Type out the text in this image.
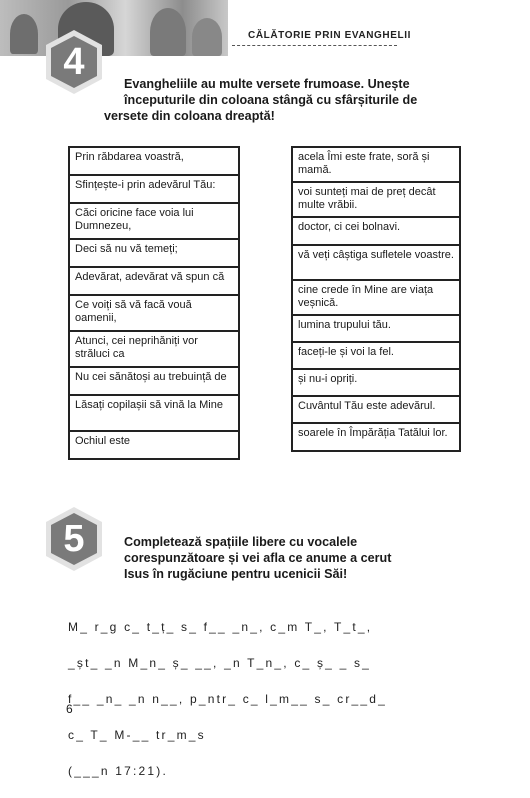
CĂLĂTORIE PRIN EVANGHELII
4
Evangheliile au multe versete frumoase. Unește
începuturile din coloana stângă cu sfârșiturile de
versete din coloana dreaptă!
Prin răbdarea voastră,
Sfințește-i prin adevărul Tău:
Căci oricine face voia lui Dumnezeu,
Deci să nu vă temeți;
Adevărat, adevărat vă spun că
Ce voiți să vă facă vouă oamenii,
Atunci, cei neprihăniți vor străluci ca
Nu cei sănătoși au trebuință de
Lăsați copilașii să vină la Mine
Ochiul este
acela Îmi este frate, soră și mamă.
voi sunteți mai de preț decât multe vrăbii.
doctor, ci cei bolnavi.
vă veți câștiga sufletele voastre.
cine crede în Mine are viața veșnică.
lumina trupului tău.
faceți-le și voi la fel.
și nu-i opriți.
Cuvântul Tău este adevărul.
soarele în Împărăția Tatălui lor.
5	Completează spațiile libere cu vocalele
corespunzătoare și vei afla ce anume a cerut
Isus în rugăciune pentru ucenicii Săi!

M_ r_g c_ t_ț_ s_ f__ _n_, c_m T_, T_t_,

_șt_ _n M_n_ ș_ __, _n T_n_, c_ ș_ _ s_

f__ _n_ _n n__, p_ntr_ c_ l_m__ s_ cr__d_

c_ T_ M-__ tr_m_s

(___n 17:21).

6
